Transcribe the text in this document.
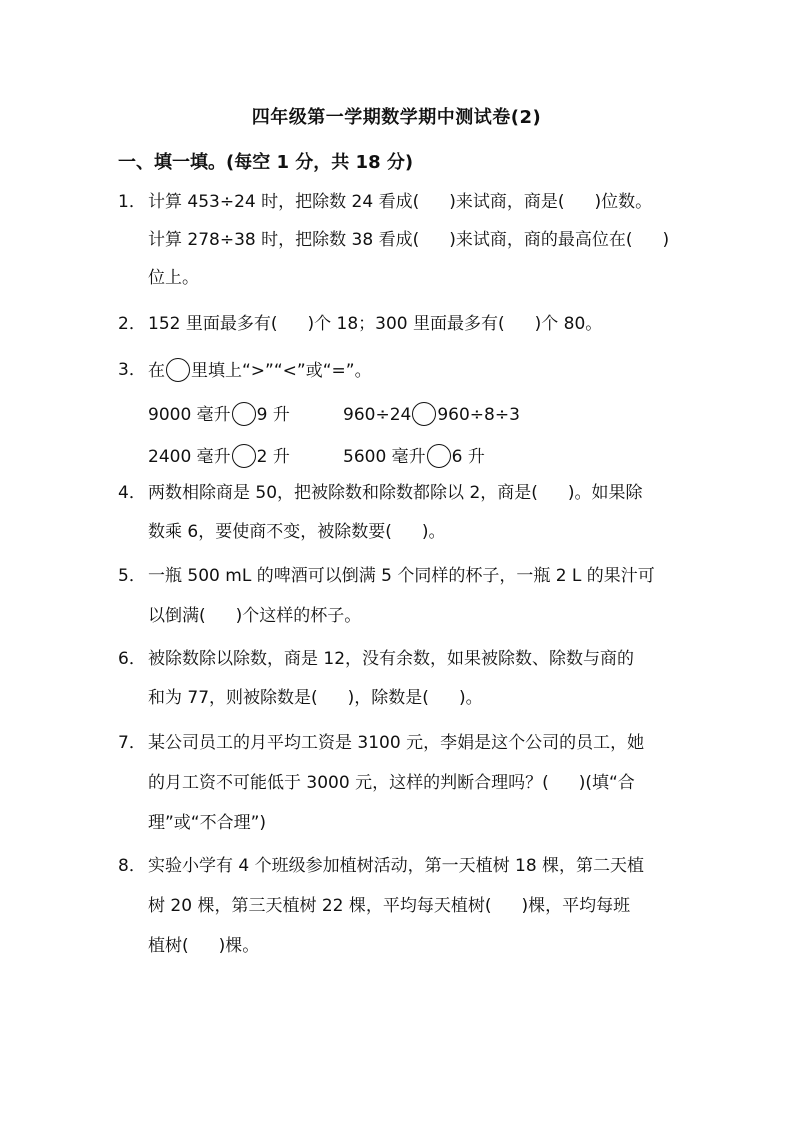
四年级第一学期数学期中测试卷(2)
一、填一填。(每空 1 分，共 18 分)
1． 计算 453÷24 时，把除数 24 看成( )来试商，商是( )位数。
计算 278÷38 时，把除数 38 看成( )来试商，商的最高位在( )
位上。
2． 152 里面最多有( )个 18；300 里面最多有( )个 80。
3． 在 里填上“>”“<”或“=”。
9000 毫升 9 升	960÷24 960÷8÷3
2400 毫升 2 升	5600 毫升 6 升
4． 两数相除商是 50，把被除数和除数都除以 2，商是( )。如果除
数乘 6，要使商不变，被除数要( )。
5． 一瓶 500 mL 的啤酒可以倒满 5 个同样的杯子，一瓶 2 L 的果汁可
以倒满( )个这样的杯子。
6． 被除数除以除数，商是 12，没有余数，如果被除数、除数与商的
和为 77，则被除数是( )，除数是( )。
7． 某公司员工的月平均工资是 3100 元，李娟是这个公司的员工，她
的月工资不可能低于 3000 元，这样的判断合理吗？( )(填“合
理”或“不合理”)
8． 实验小学有 4 个班级参加植树活动，第一天植树 18 棵，第二天植
树 20 棵，第三天植树 22 棵，平均每天植树( )棵，平均每班
植树( )棵。
